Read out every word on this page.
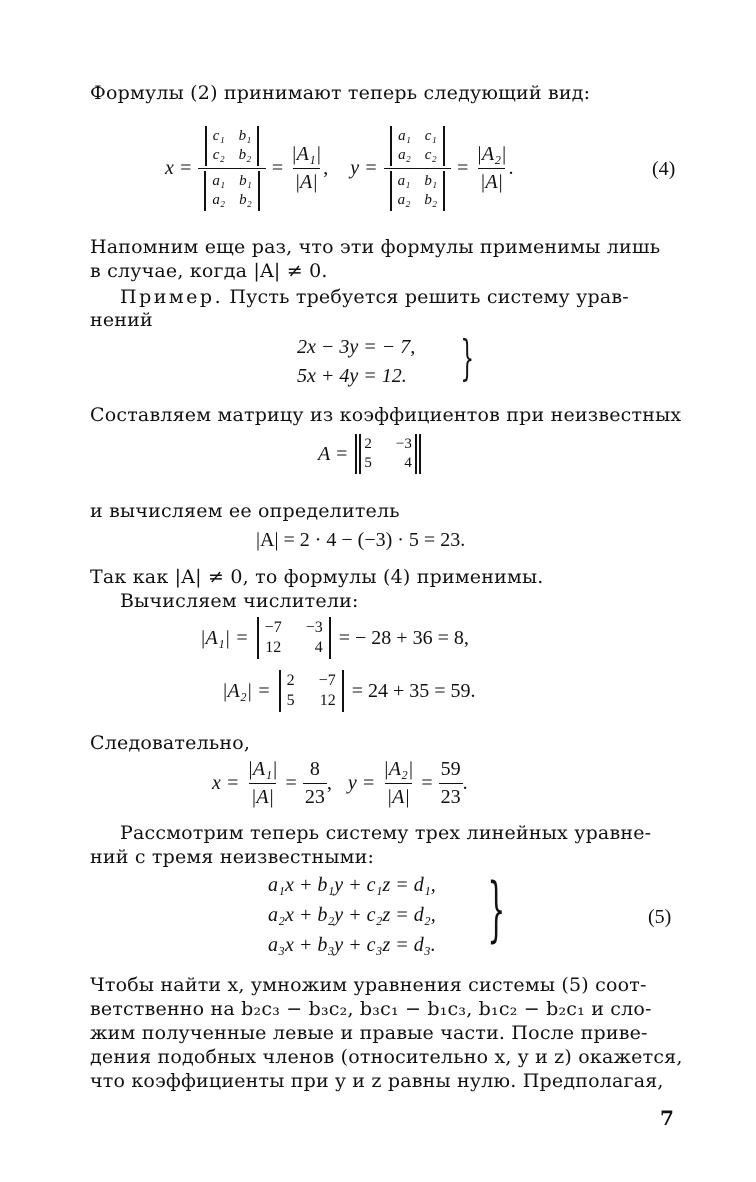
Формулы (2) принимают теперь следующий вид:
x = c₁ b₁
c₂ b₂
a₁ b₁
a₂ $b_2 = \frac{\text{|A₁|}}{|A|}$ , y = a₁ c₁
a₂ c₂
a₁ b₁
a₂ $b_2 = \frac{\text{|A₂|}}{|A|}$ .	(4)
Напомним еще раз, что эти формулы применимы лишь
в случае, когда |A| ≠ 0.
Пример. Пусть требуется решить систему урав-
нений
2x − 3y = − 7,
5x + 4y = 12. }
Составляем матрицу из коэффициентов при неизвестных
A = 2 −3
5	4
и вычисляем ее определитель
|A| = 2 · 4 − (−3) · 5 = 23.
Так как |A| ≠ 0, то формулы (4) применимы.
Вычисляем числители:
|A₁| = −7 −3
12	4 = − 28 + 36 = 8,
|A₂| = 2 −7
5 12 = 24 + 35 = 59.
Следовательно,
$x = \frac{\text{|A₁|}}{|A|} = \frac{8}{23}$ , $y = \frac{\text{|A₂|}}{|A|} = \frac{59}{23}$ .
Рассмотрим теперь систему трех линейных уравне-
ний с тремя неизвестными:
a₁x + b₁y + c₁z = d₁,
a₂x + b₂y + c₂z = d₂,
a₃x + b₃y + c₃z = d₃. }	(5)
Чтобы найти x, умножим уравнения системы (5) соот-
ветственно на b₂c₃ − b₃c₂, b₃c₁ − b₁c₃, b₁c₂ − b₂c₁ и сло-
жим полученные левые и правые части. После приве-
дения подобных членов (относительно x, y и z) окажется,
что коэффициенты при y и z равны нулю. Предполагая,
7
